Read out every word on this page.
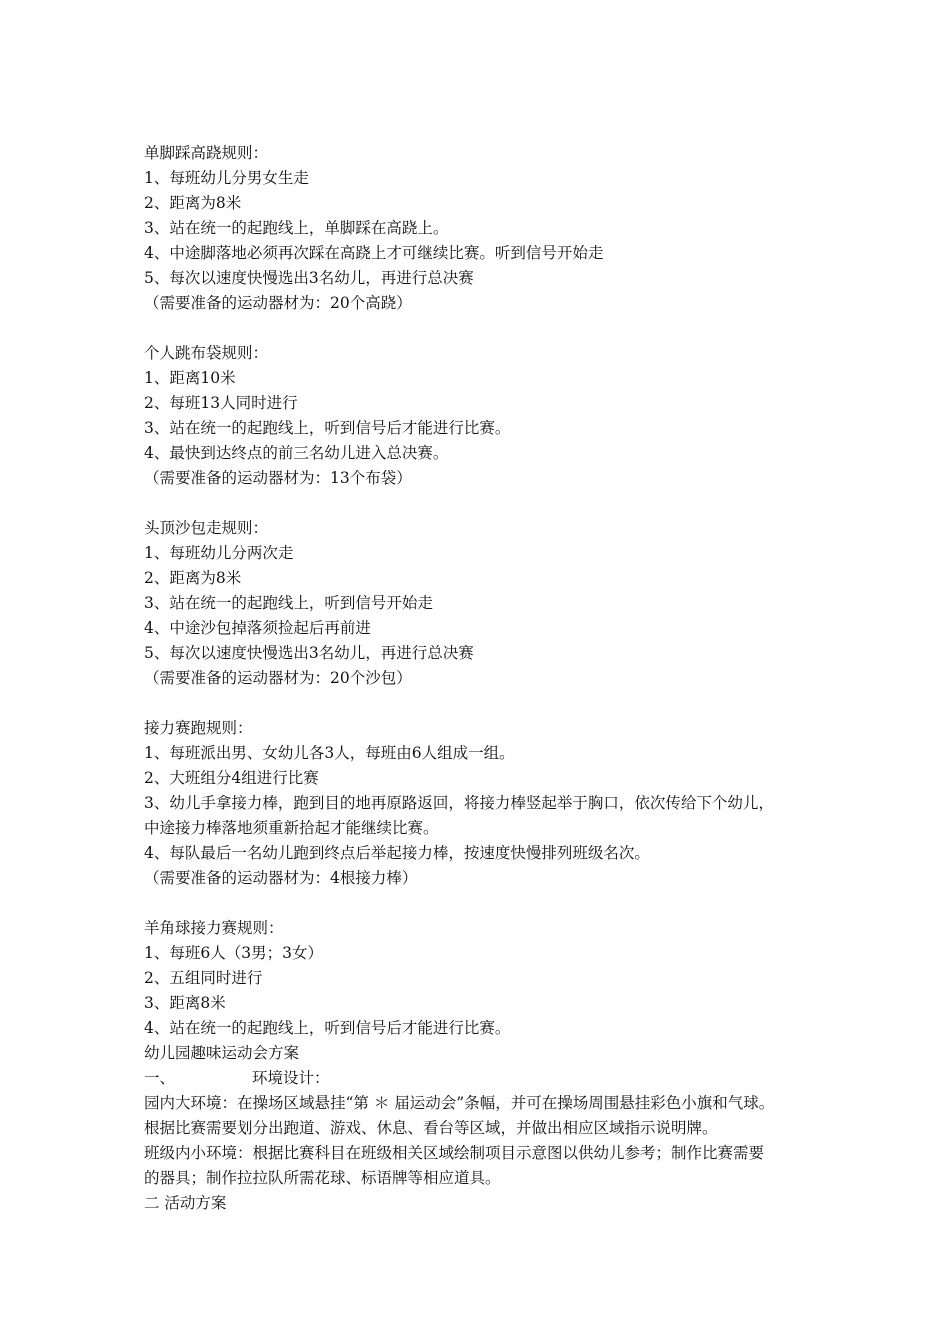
单脚踩高跷规则：
1、每班幼儿分男女生走
2、距离为8米
3、站在统一的起跑线上，单脚踩在高跷上。
4、中途脚落地必须再次踩在高跷上才可继续比赛。听到信号开始走
5、每次以速度快慢选出3名幼儿，再进行总决赛
（需要准备的运动器材为：20个高跷）
个人跳布袋规则：
1、距离10米
2、每班13人同时进行
3、站在统一的起跑线上，听到信号后才能进行比赛。
4、最快到达终点的前三名幼儿进入总决赛。
（需要准备的运动器材为：13个布袋）
头顶沙包走规则：
1、每班幼儿分两次走
2、距离为8米
3、站在统一的起跑线上，听到信号开始走
4、中途沙包掉落须捡起后再前进
5、每次以速度快慢选出3名幼儿，再进行总决赛
（需要准备的运动器材为：20个沙包）
接力赛跑规则：
1、每班派出男、女幼儿各3人，每班由6人组成一组。
2、大班组分4组进行比赛
3、幼儿手拿接力棒，跑到目的地再原路返回，将接力棒竖起举于胸口，依次传给下个幼儿，
中途接力棒落地须重新拾起才能继续比赛。
4、每队最后一名幼儿跑到终点后举起接力棒，按速度快慢排列班级名次。
（需要准备的运动器材为：4根接力棒）
羊角球接力赛规则：
1、每班6人（3男；3女）
2、五组同时进行
3、距离8米
4、站在统一的起跑线上，听到信号后才能进行比赛。
幼儿园趣味运动会方案
一、	环境设计：
园内大环境：在操场区域悬挂“第 ＊ 届运动会”条幅，并可在操场周围悬挂彩色小旗和气球。
根据比赛需要划分出跑道、游戏、休息、看台等区域，并做出相应区域指示说明牌。
班级内小环境：根据比赛科目在班级相关区域绘制项目示意图以供幼儿参考；制作比赛需要
的器具；制作拉拉队所需花球、标语牌等相应道具。
二 活动方案
